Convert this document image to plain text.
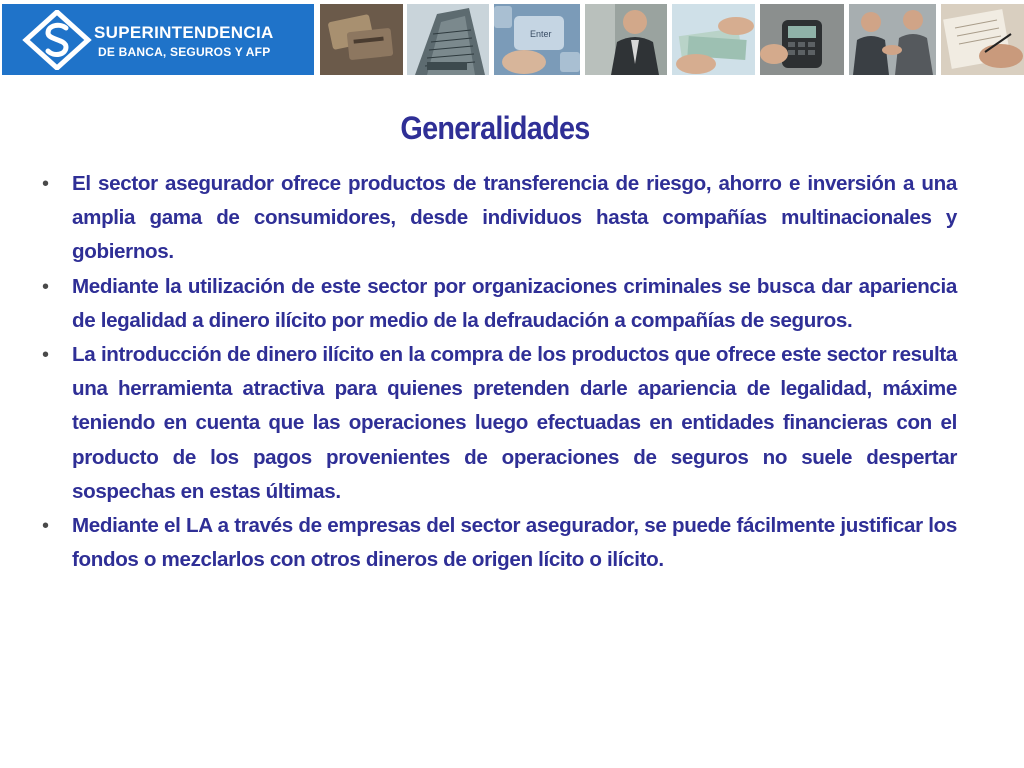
SUPERINTENDENCIA
DE BANCA, SEGUROS Y AFP
Enter
Generalidades
• El sector asegurador ofrece productos de transferencia de riesgo, ahorro e inversión a una amplia gama de consumidores, desde individuos hasta compañías multinacionales y gobiernos.
• Mediante la utilización de este sector por organizaciones criminales se busca dar apariencia de legalidad a dinero ilícito por medio de la defraudación a compañías de seguros.
• La introducción de dinero ilícito en la compra de los productos que ofrece este sector resulta una herramienta atractiva para quienes pretenden darle apariencia de legalidad, máxime teniendo en cuenta que las operaciones luego efectuadas en entidades financieras con el producto de los pagos provenientes de operaciones de seguros no suele despertar sospechas en estas últimas.
• Mediante el LA a través de empresas del sector asegurador, se puede fácilmente justificar los fondos o mezclarlos con otros dineros de origen lícito o ilícito.
